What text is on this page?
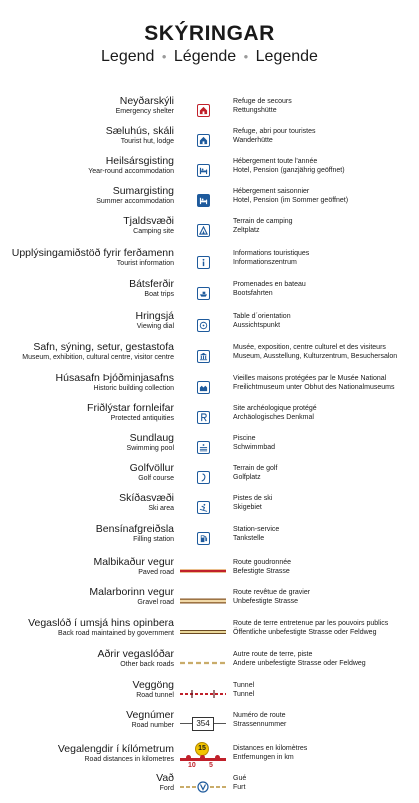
SKÝRINGAR
Legend • Légende • Legende
Neyðarskýli
Emergency shelter
Refuge de secours
Rettungshütte
Sæluhús, skáli
Tourist hut, lodge
Refuge, abri pour touristes
Wanderhütte
Heilsársgisting
Year-round accommodation
Hébergement toute l'année
Hotel, Pension (ganzjährig geöffnet)
Sumargisting
Summer accommodation
Hébergement saisonnier
Hotel, Pension (im Sommer geöffnet)
Tjaldsvæði
Camping site
Terrain de camping
Zeltplatz
Upplýsingamiðstöð fyrir ferðamenn
Tourist information
Informations touristiques
Informationszentrum
Bátsferðir
Boat trips
Promenades en bateau
Bootsfahrten
Hringsjá
Viewing dial
Table d´orientation
Aussichtspunkt
Safn, sýning, setur, gestastofa
Museum, exhibition, cultural centre, visitor centre
Musée, exposition, centre culturel et des visiteurs
Museum, Ausstellung, Kulturzentrum, Besuchersalon
Húsasafn Þjóðminjasafns
Historic building collection
Vieilles maisons protégées par le Musée National
Freilichtmuseum unter Obhut des Nationalmuseums
Friðlýstar fornleifar
Protected antiquities
Site archéologique protégé
Archäologisches Denkmal
Sundlaug
Swimming pool
Piscine
Schwimmbad
Golfvöllur
Golf course
Terrain de golf
Golfplatz
Skíðasvæði
Ski area
Pistes de ski
Skigebiet
Bensínafgreiðsla
Filling station
Station-service
Tankstelle
Malbikaður vegur
Paved road
Route goudronnée
Befestigte Strasse
Malarborinn vegur
Gravel road
Route revêtue de gravier
Unbefestigte Strasse
Vegaslóð í umsjá hins opinbera
Back road maintained by government
Route de terre entretenue par les pouvoirs publics
Öffentliche unbefestigte Strasse oder Feldweg
Aðrir vegaslóðar
Other back roads
Autre route de terre, piste
Andere unbefestigte Strasse oder Feldweg
Veggöng
Road tunnel
Tunnel
Tunnel
Vegnúmer
Road number	354
Numéro de route
Strassennummer
Vegalengdir í kílómetrum
Road distances in kilometres
15
10 5
Distances en kilomètres
Entfernungen in km
Vað
Ford
Gué
Furt
